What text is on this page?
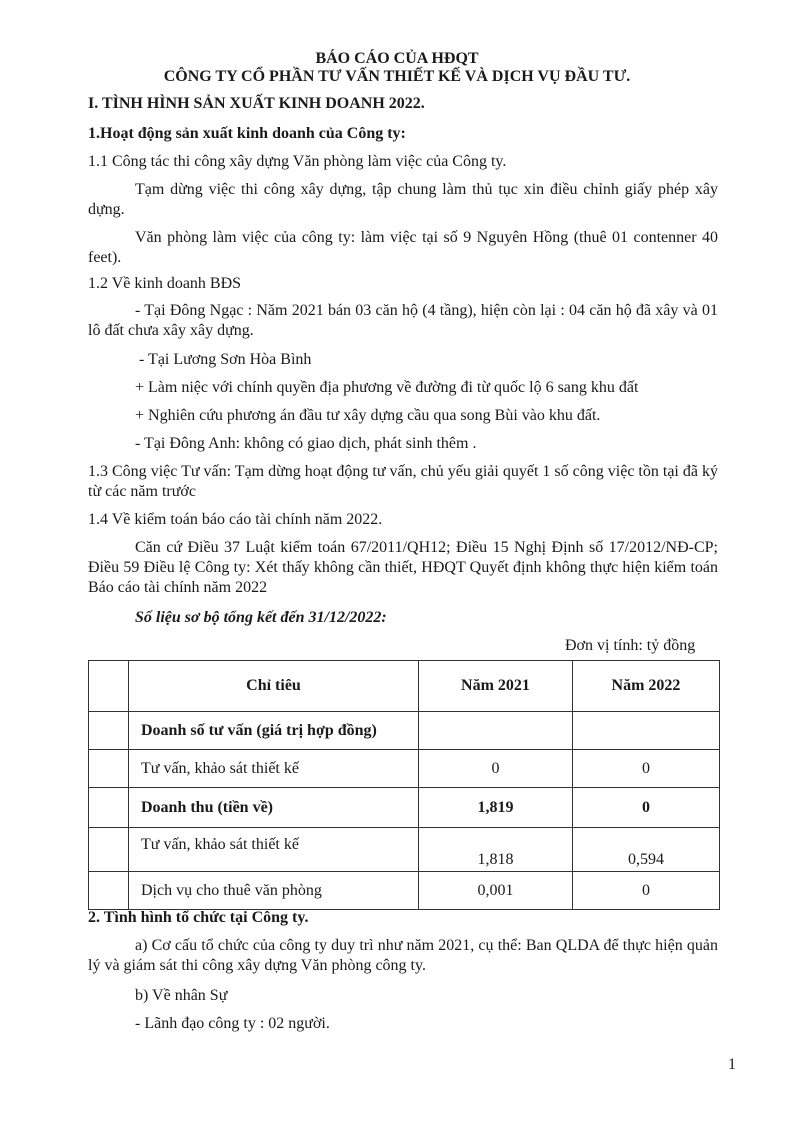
BÁO CÁO CỦA HĐQT
CÔNG TY CỔ PHẦN TƯ VẤN THIẾT KẾ VÀ DỊCH VỤ ĐẦU TƯ.
I. TÌNH HÌNH SẢN XUẤT KINH DOANH 2022.
1.Hoạt động sản xuất kinh doanh của Công ty:
1.1 Công tác thi công xây dựng Văn phòng làm việc của Công ty.
Tạm dừng việc thi công xây dựng, tập chung làm thủ tục xin điều chỉnh giấy phép xây dựng.
Văn phòng làm việc của công ty: làm việc tại số 9 Nguyên Hồng (thuê 01 contenner 40 feet).
1.2 Về kinh doanh BĐS
- Tại Đông Ngạc : Năm 2021 bán 03 căn hộ (4 tầng), hiện còn lại : 04 căn hộ đã xây và 01 lô đất chưa xây xây dựng.
- Tại Lương Sơn Hòa Bình
+ Làm niệc với chính quyền địa phương về đường đi từ quốc lộ 6 sang khu đất
+ Nghiên cứu phương án đầu tư xây dựng cầu qua song Bùi vào khu đất.
- Tại Đông Anh: không có giao dịch, phát sinh thêm .
1.3 Công việc Tư vấn: Tạm dừng hoạt động tư vấn, chủ yếu giải quyết 1 số công việc tồn tại đã ký từ các năm trước
1.4 Về kiểm toán báo cáo tài chính năm 2022.
Căn cứ Điều 37 Luật kiểm toán 67/2011/QH12; Điều 15 Nghị Định số 17/2012/NĐ-CP; Điều 59 Điều lệ Công ty: Xét thấy không cần thiết, HĐQT Quyết định không thực hiện kiểm toán Báo cáo tài chính năm 2022
Số liệu sơ bộ tổng kết đến 31/12/2022:
Đơn vị tính: tỷ đồng
	Chỉ tiêu	Năm 2021	Năm 2022
	Doanh số tư vấn (giá trị hợp đồng)		
	Tư vấn, khảo sát thiết kế	0	0
	Doanh thu (tiền về)	1,819	0
	Tư vấn, khảo sát thiết kế	1,818	0,594
	Dịch vụ cho thuê văn phòng	0,001	0
2. Tình hình tổ chức tại Công ty.
a) Cơ cấu tổ chức của công ty duy trì như năm 2021, cụ thể: Ban QLDA để thực hiện quản lý và giám sát thi công xây dựng Văn phòng công ty.
b) Về nhân Sự
- Lãnh đạo công ty : 02 người.
1
